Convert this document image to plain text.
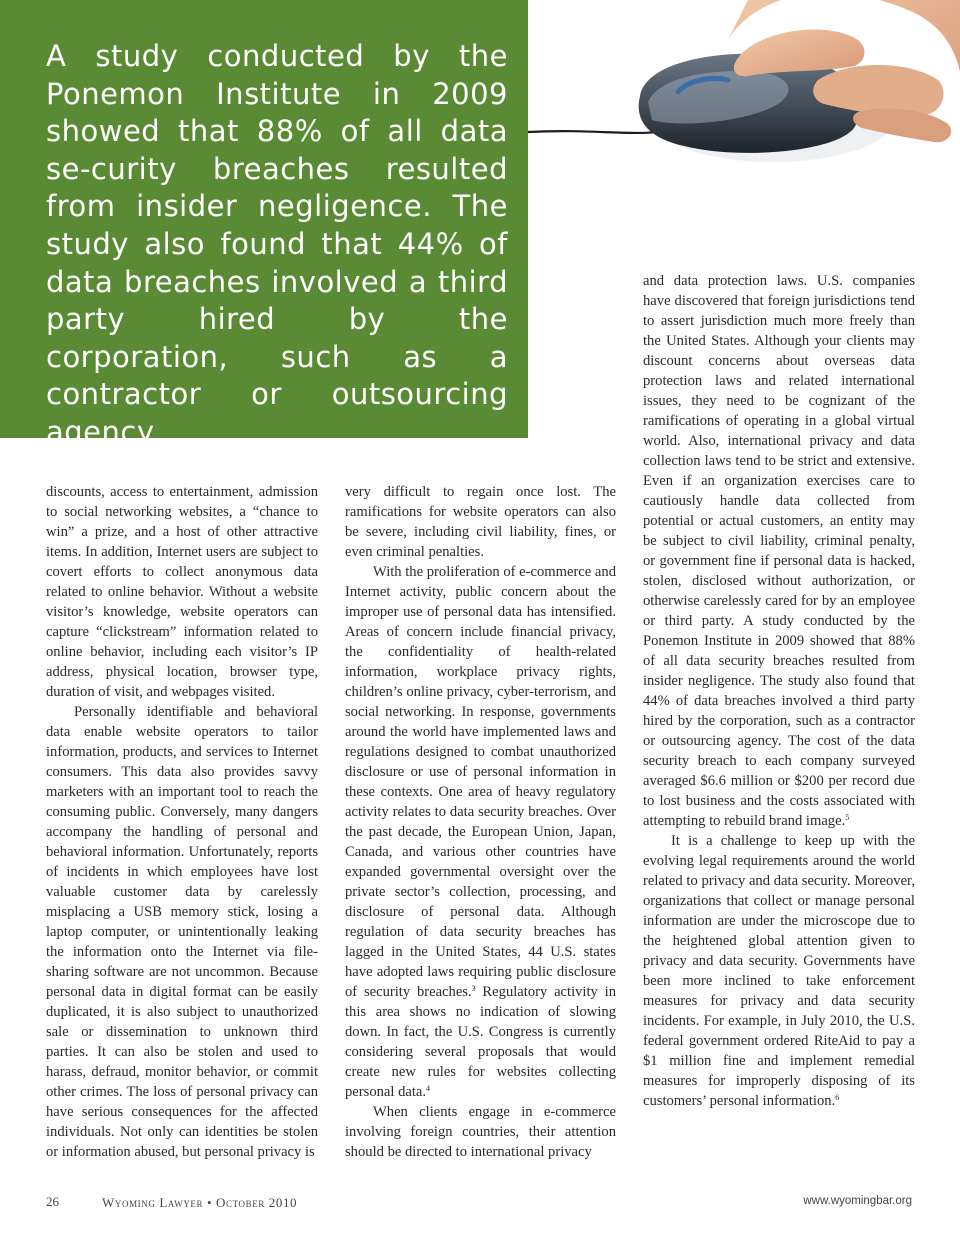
A study conducted by the Ponemon Institute in 2009 showed that 88% of all data se-curity breaches resulted from insider negligence. The study also found that 44% of data breaches involved a third party hired by the corporation, such as a contractor or outsourcing agency.

discounts, access to entertainment, admission to social networking websites, a “chance to win” a prize, and a host of other attractive items. In addition, Internet users are subject to covert efforts to collect anonymous data related to online behavior. Without a website visitor’s knowledge, website operators can capture “clickstream” information related to online behavior, including each visitor’s IP address, physical location, browser type, duration of visit, and webpages visited.

Personally identifiable and behavioral data enable website operators to tailor information, products, and services to Internet consumers. This data also provides savvy marketers with an important tool to reach the consuming public. Conversely, many dangers accompany the handling of personal and behavioral information. Unfortunately, reports of incidents in which employees have lost valuable customer data by carelessly misplacing a USB memory stick, losing a laptop computer, or unintentionally leaking the information onto the Internet via file-sharing software are not uncommon. Because personal data in digital format can be easily duplicated, it is also subject to unauthorized sale or dissemination to unknown third parties. It can also be stolen and used to harass, defraud, monitor behavior, or commit other crimes. The loss of personal privacy can have serious consequences for the affected individuals. Not only can identities be stolen or information abused, but personal privacy is

very difficult to regain once lost. The ramifications for website operators can also be severe, including civil liability, fines, or even criminal penalties.

With the proliferation of e-commerce and Internet activity, public concern about the improper use of personal data has intensified. Areas of concern include financial privacy, the confidentiality of health-related information, workplace privacy rights, children’s online privacy, cyber-terrorism, and social networking. In response, governments around the world have implemented laws and regulations designed to combat unauthorized disclosure or use of personal information in these contexts. One area of heavy regulatory activity relates to data security breaches. Over the past decade, the European Union, Japan, Canada, and various other countries have expanded governmental oversight over the private sector’s collection, processing, and disclosure of personal data. Although regulation of data security breaches has lagged in the United States, 44 U.S. states have adopted laws requiring public disclosure of security breaches.$^3$ Regulatory activity in this area shows no indication of slowing down. In fact, the U.S. Congress is currently considering several proposals that would create new rules for websites collecting personal data.$^4$

When clients engage in e-commerce involving foreign countries, their attention should be directed to international privacy

and data protection laws. U.S. companies have discovered that foreign jurisdictions tend to assert jurisdiction much more freely than the United States. Although your clients may discount concerns about overseas data protection laws and related international issues, they need to be cognizant of the ramifications of operating in a global virtual world. Also, international privacy and data collection laws tend to be strict and extensive. Even if an organization exercises care to cautiously handle data collected from potential or actual customers, an entity may be subject to civil liability, criminal penalty, or government fine if personal data is hacked, stolen, disclosed without authorization, or otherwise carelessly cared for by an employee or third party. A study conducted by the Ponemon Institute in 2009 showed that 88% of all data security breaches resulted from insider negligence. The study also found that 44% of data breaches involved a third party hired by the corporation, such as a contractor or outsourcing agency. The cost of the data security breach to each company surveyed averaged $6.6 million or $200 per record due to lost business and the costs associated with attempting to rebuild brand image.$^5$

It is a challenge to keep up with the evolving legal requirements around the world related to privacy and data security. Moreover, organizations that collect or manage personal information are under the microscope due to the heightened global attention given to privacy and data security. Governments have been more inclined to take enforcement measures for privacy and data security incidents. For example, in July 2010, the U.S. federal government ordered RiteAid to pay a $1 million fine and implement remedial measures for improperly disposing of its customers’ personal information.$^6$

26	Wyoming Lawyer • October 2010	www.wyomingbar.org
